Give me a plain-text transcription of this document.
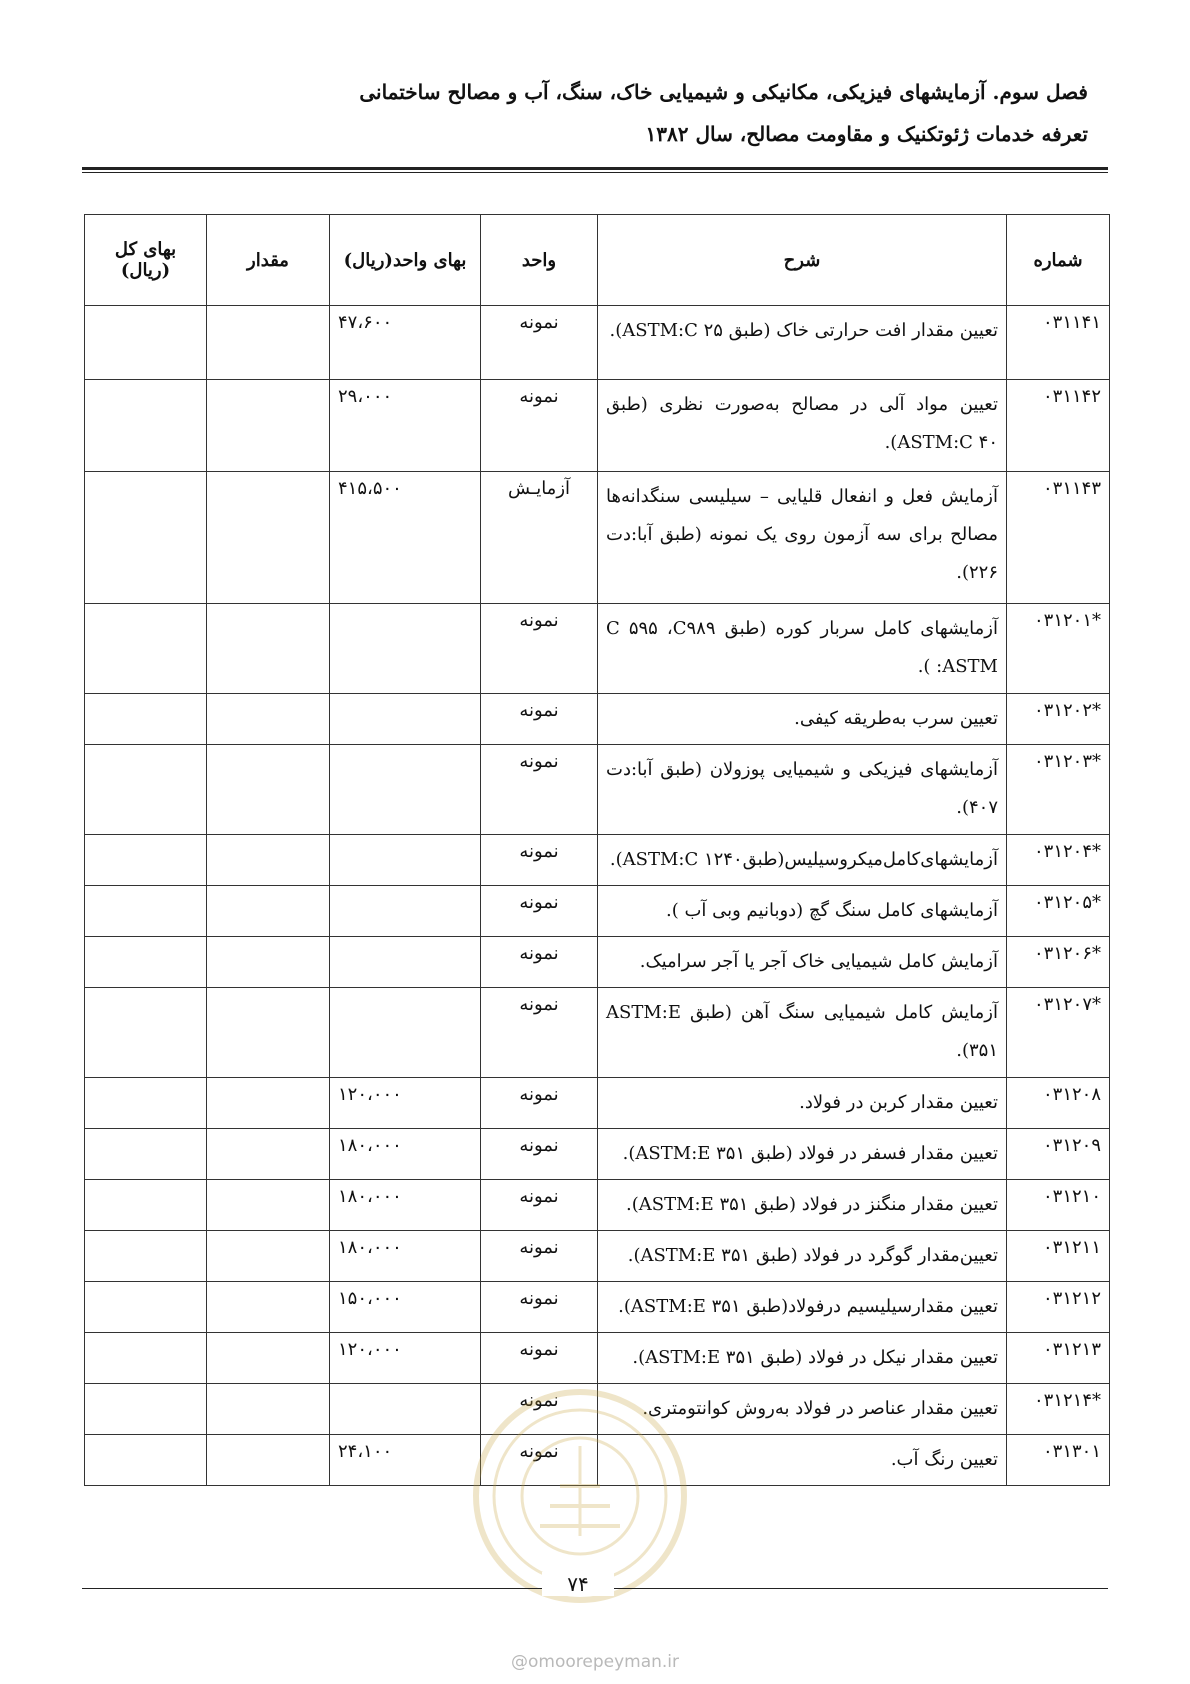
فصل سوم. آزمایشهای فیزیکی، مکانیکی و شیمیایی خاک، سنگ، آب و مصالح ساختمانی
تعرفه خدمات ژئوتکنیک و مقاومت مصالح، سال ۱۳۸۲
شماره	شرح	واحد	بهای واحد(ریال)	مقدار	بهای کل (ریال)
۰۳۱۱۴۱	تعیین مقدار افت حرارتی خاک (طبق ASTM:C ۲۵).	نمونه	۴۷،۶۰۰		
۰۳۱۱۴۲	تعیین مواد آلی در مصالح به‌صورت نظری (طبق ASTM:C ۴۰).	نمونه	۲۹،۰۰۰		
۰۳۱۱۴۳	آزمایش فعل و انفعال قلیایی – سیلیسی سنگدانه‌ها مصالح برای سه آزمون روی یک نمونه (طبق آبا:دت ۲۲۶).	آزمایـش	۴۱۵،۵۰۰		
*۰۳۱۲۰۱	آزمایشهای کامل سربار کوره (طبق C ۵۹۵ ،C۹۸۹ ASTM: ).	نمونه			
*۰۳۱۲۰۲	تعیین سرب به‌طریقه کیفی.	نمونه			
*۰۳۱۲۰۳	آزمایشهای فیزیکی و شیمیایی پوزولان (طبق آبا:دت ۴۰۷).	نمونه			
*۰۳۱۲۰۴	آزمایشهای‌کامل‌میکروسیلیس(طبق‌ASTM:C ۱۲۴۰).	نمونه			
*۰۳۱۲۰۵	آزمایشهای کامل سنگ گچ (دوبانیم وبی آب ).	نمونه			
*۰۳۱۲۰۶	آزمایش کامل شیمیایی خاک آجر یا آجر سرامیک.	نمونه			
*۰۳۱۲۰۷	آزمایش کامل شیمیایی سنگ آهن (طبق ASTM:E ۳۵۱).	نمونه			
۰۳۱۲۰۸	تعیین مقدار کربن در فولاد.	نمونه	۱۲۰،۰۰۰		
۰۳۱۲۰۹	تعیین مقدار فسفر در فولاد (طبق ASTM:E ۳۵۱).	نمونه	۱۸۰،۰۰۰		
۰۳۱۲۱۰	تعیین مقدار منگنز در فولاد (طبق ASTM:E ۳۵۱).	نمونه	۱۸۰،۰۰۰		
۰۳۱۲۱۱	تعیین‌مقدار گوگرد در فولاد (طبق ASTM:E ۳۵۱).	نمونه	۱۸۰،۰۰۰		
۰۳۱۲۱۲	تعیین مقدارسیلیسیم درفولاد(طبق ASTM:E ۳۵۱).	نمونه	۱۵۰،۰۰۰		
۰۳۱۲۱۳	تعیین مقدار نیکل در فولاد (طبق ASTM:E ۳۵۱).	نمونه	۱۲۰،۰۰۰		
*۰۳۱۲۱۴	تعیین مقدار عناصر در فولاد به‌روش کوانتومتری.	نمونه			
۰۳۱۳۰۱	تعیین رنگ آب.	نمونه	۲۴،۱۰۰		
۷۴
@omoorepeyman.ir
